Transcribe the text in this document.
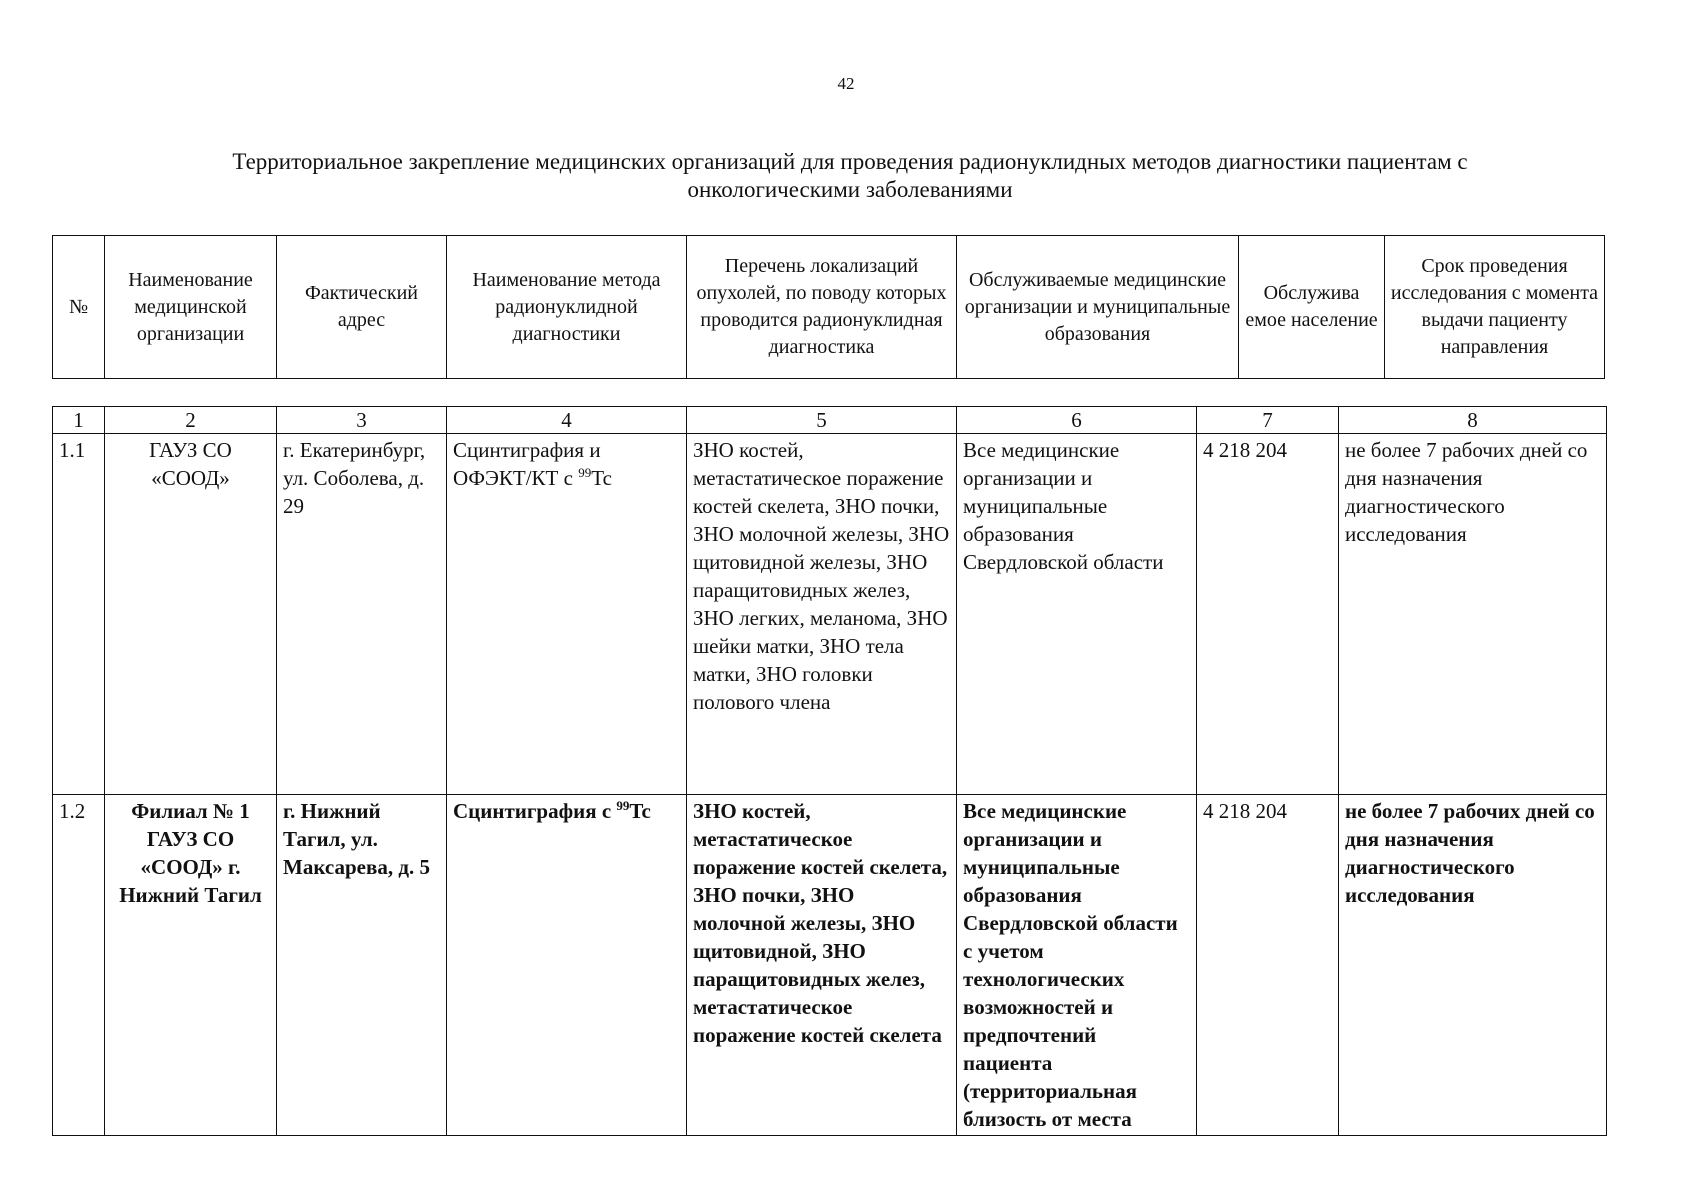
42
Территориальное закрепление медицинских организаций для проведения радионуклидных методов диагностики пациентам с
онкологическими заболеваниями
№	Наименование медицинской организации	Фактический адрес	Наименование метода радионуклидной диагностики	Перечень локализаций опухолей, по поводу которых проводится радионуклидная диагностика	Обслуживаемые медицинские организации и муниципальные образования	Обслужива емое население	Срок проведения исследования с момента выдачи пациенту направления
1	2	3	4	5	6	7	8
1.1	ГАУЗ СО «СООД»	г. Екатеринбург, ул. Соболева, д. 29	Сцинтиграфия и ОФЭКТ/КТ с $^{99}$Tc	ЗНО костей, метастатическое поражение костей скелета, ЗНО почки, ЗНО молочной железы, ЗНО щитовидной железы, ЗНО паращитовидных желез, ЗНО легких, меланома, ЗНО шейки матки, ЗНО тела матки, ЗНО головки полового члена	Все медицинские организации и муниципальные образования Свердловской области	4 218 204	не более 7 рабочих дней со дня назначения диагностического исследования
1.2	Филиал № 1 ГАУЗ СО «СООД» г. Нижний Тагил	г. Нижний Тагил, ул. Максарева, д. 5	Сцинтиграфия с $^{99}$Tc	ЗНО костей, метастатическое поражение костей скелета, ЗНО почки, ЗНО молочной железы, ЗНО щитовидной, ЗНО паращитовидных желез, метастатическое поражение костей скелета	Все медицинские организации и муниципальные образования Свердловской области с учетом технологических возможностей и предпочтений пациента (территориальная близость от места	4 218 204	не более 7 рабочих дней со дня назначения диагностического исследования
